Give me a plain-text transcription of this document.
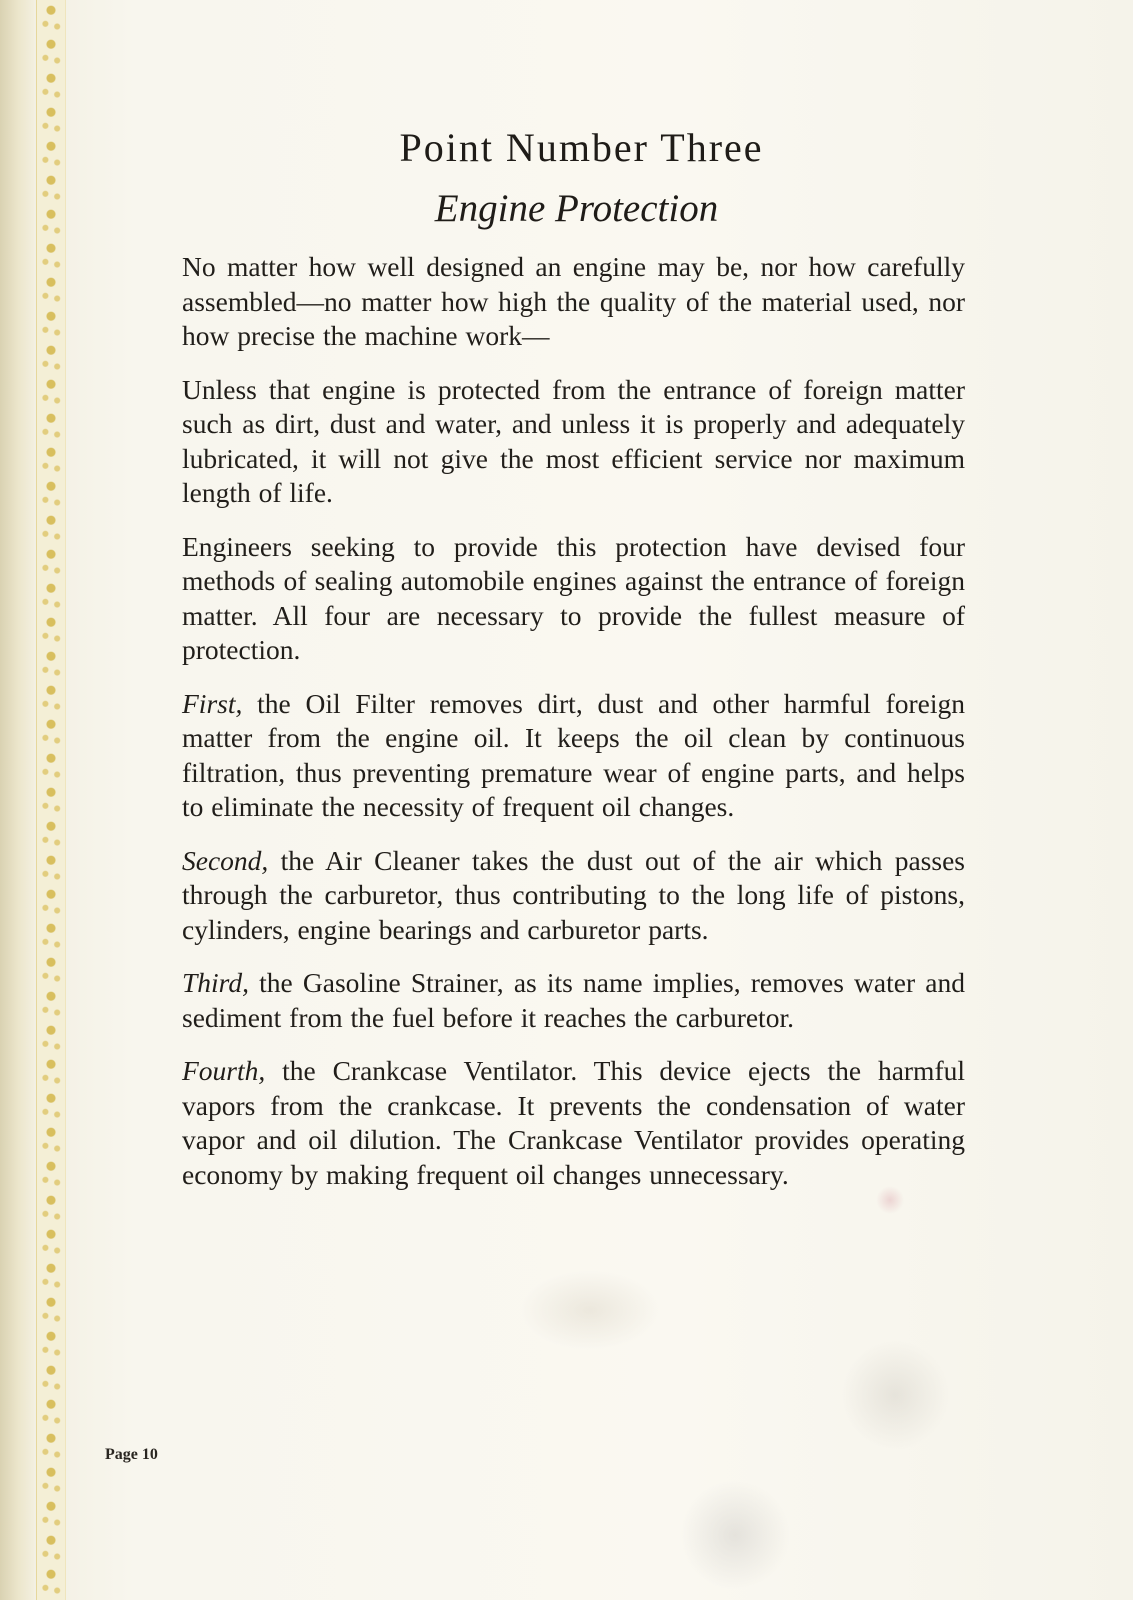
Point Number Three
Engine Protection

No matter how well designed an engine may be, nor how carefully assembled—no matter how high the quality of the material used, nor how precise the machine work—

Unless that engine is protected from the entrance of foreign matter such as dirt, dust and water, and unless it is properly and adequately lubricated, it will not give the most efficient service nor maximum length of life.

Engineers seeking to provide this protection have devised four methods of sealing automobile engines against the entrance of foreign matter. All four are necessary to provide the fullest measure of protection.

First, the Oil Filter removes dirt, dust and other harmful foreign matter from the engine oil. It keeps the oil clean by continuous filtration, thus preventing premature wear of engine parts, and helps to eliminate the necessity of frequent oil changes.

Second, the Air Cleaner takes the dust out of the air which passes through the carburetor, thus contributing to the long life of pistons, cylinders, engine bearings and carburetor parts.

Third, the Gasoline Strainer, as its name implies, removes water and sediment from the fuel before it reaches the carburetor.

Fourth, the Crankcase Ventilator. This device ejects the harmful vapors from the crankcase. It prevents the condensation of water vapor and oil dilution. The Crankcase Ventilator provides operating economy by making frequent oil changes unnecessary.

Page 10
